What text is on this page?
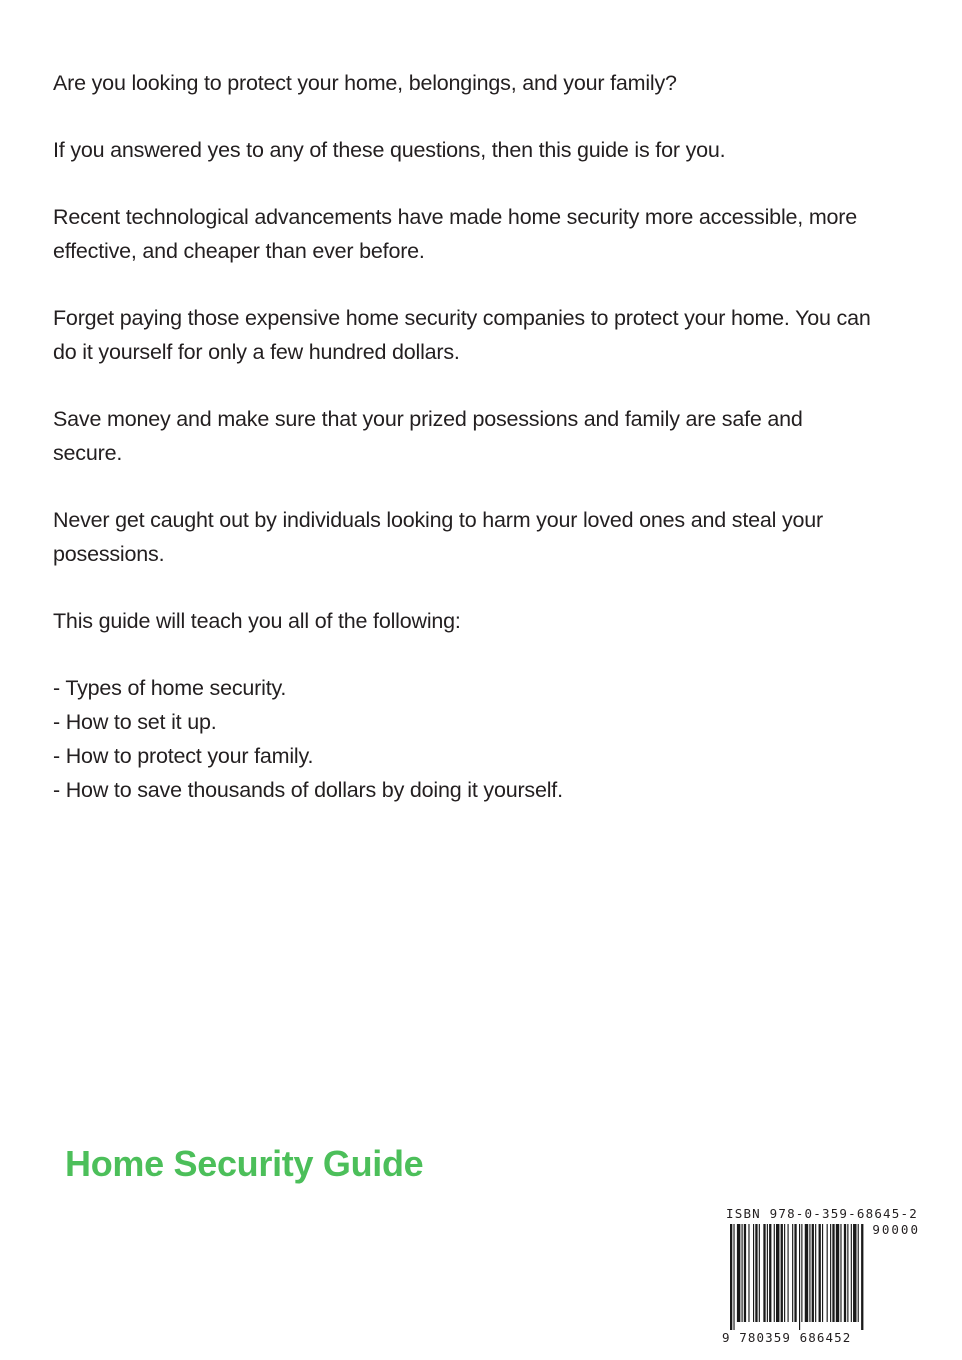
Are you looking to protect your home, belongings, and your family?

If you answered yes to any of these questions, then this guide is for you.

Recent technological advancements have made home security more accessible, more effective, and cheaper than ever before.

Forget paying those expensive home security companies to protect your home. You can do it yourself for only a few hundred dollars.

Save money and make sure that your prized posessions and family are safe and secure.

Never get caught out by individuals looking to harm your loved ones and steal your posessions.

This guide will teach you all of the following:

- Types of home security.
- How to set it up.
- How to protect your family.
- How to save thousands of dollars by doing it yourself.
Home Security Guide
ISBN 978-0-359-68645-2
90000
9 780359 686452
